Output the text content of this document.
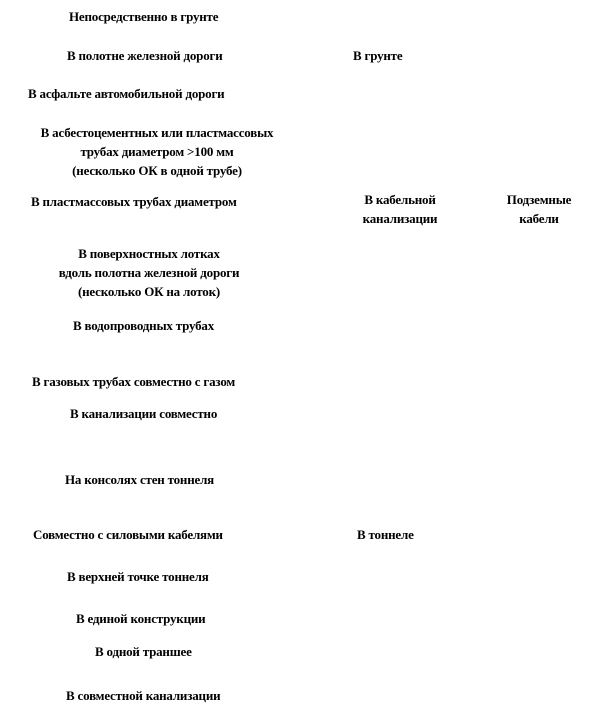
Непосредственно в грунте
В полотне железной дороги
В асфальте автомобильной дороги
В асбестоцементных или пластмассовых
трубах диаметром >100 мм
(несколько ОК в одной трубе)
В пластмассовых трубах диаметром
В поверхностных лотках
вдоль полотна железной дороги
(несколько ОК на лоток)
В водопроводных трубах
В газовых трубах совместно с газом
В канализации совместно
На консолях стен тоннеля
Совместно с силовыми кабелями
В верхней точке тоннеля
В единой конструкции
В одной траншее
В совместной канализации
В грунте
В кабельной
канализации
В тоннеле
Подземные
кабели
